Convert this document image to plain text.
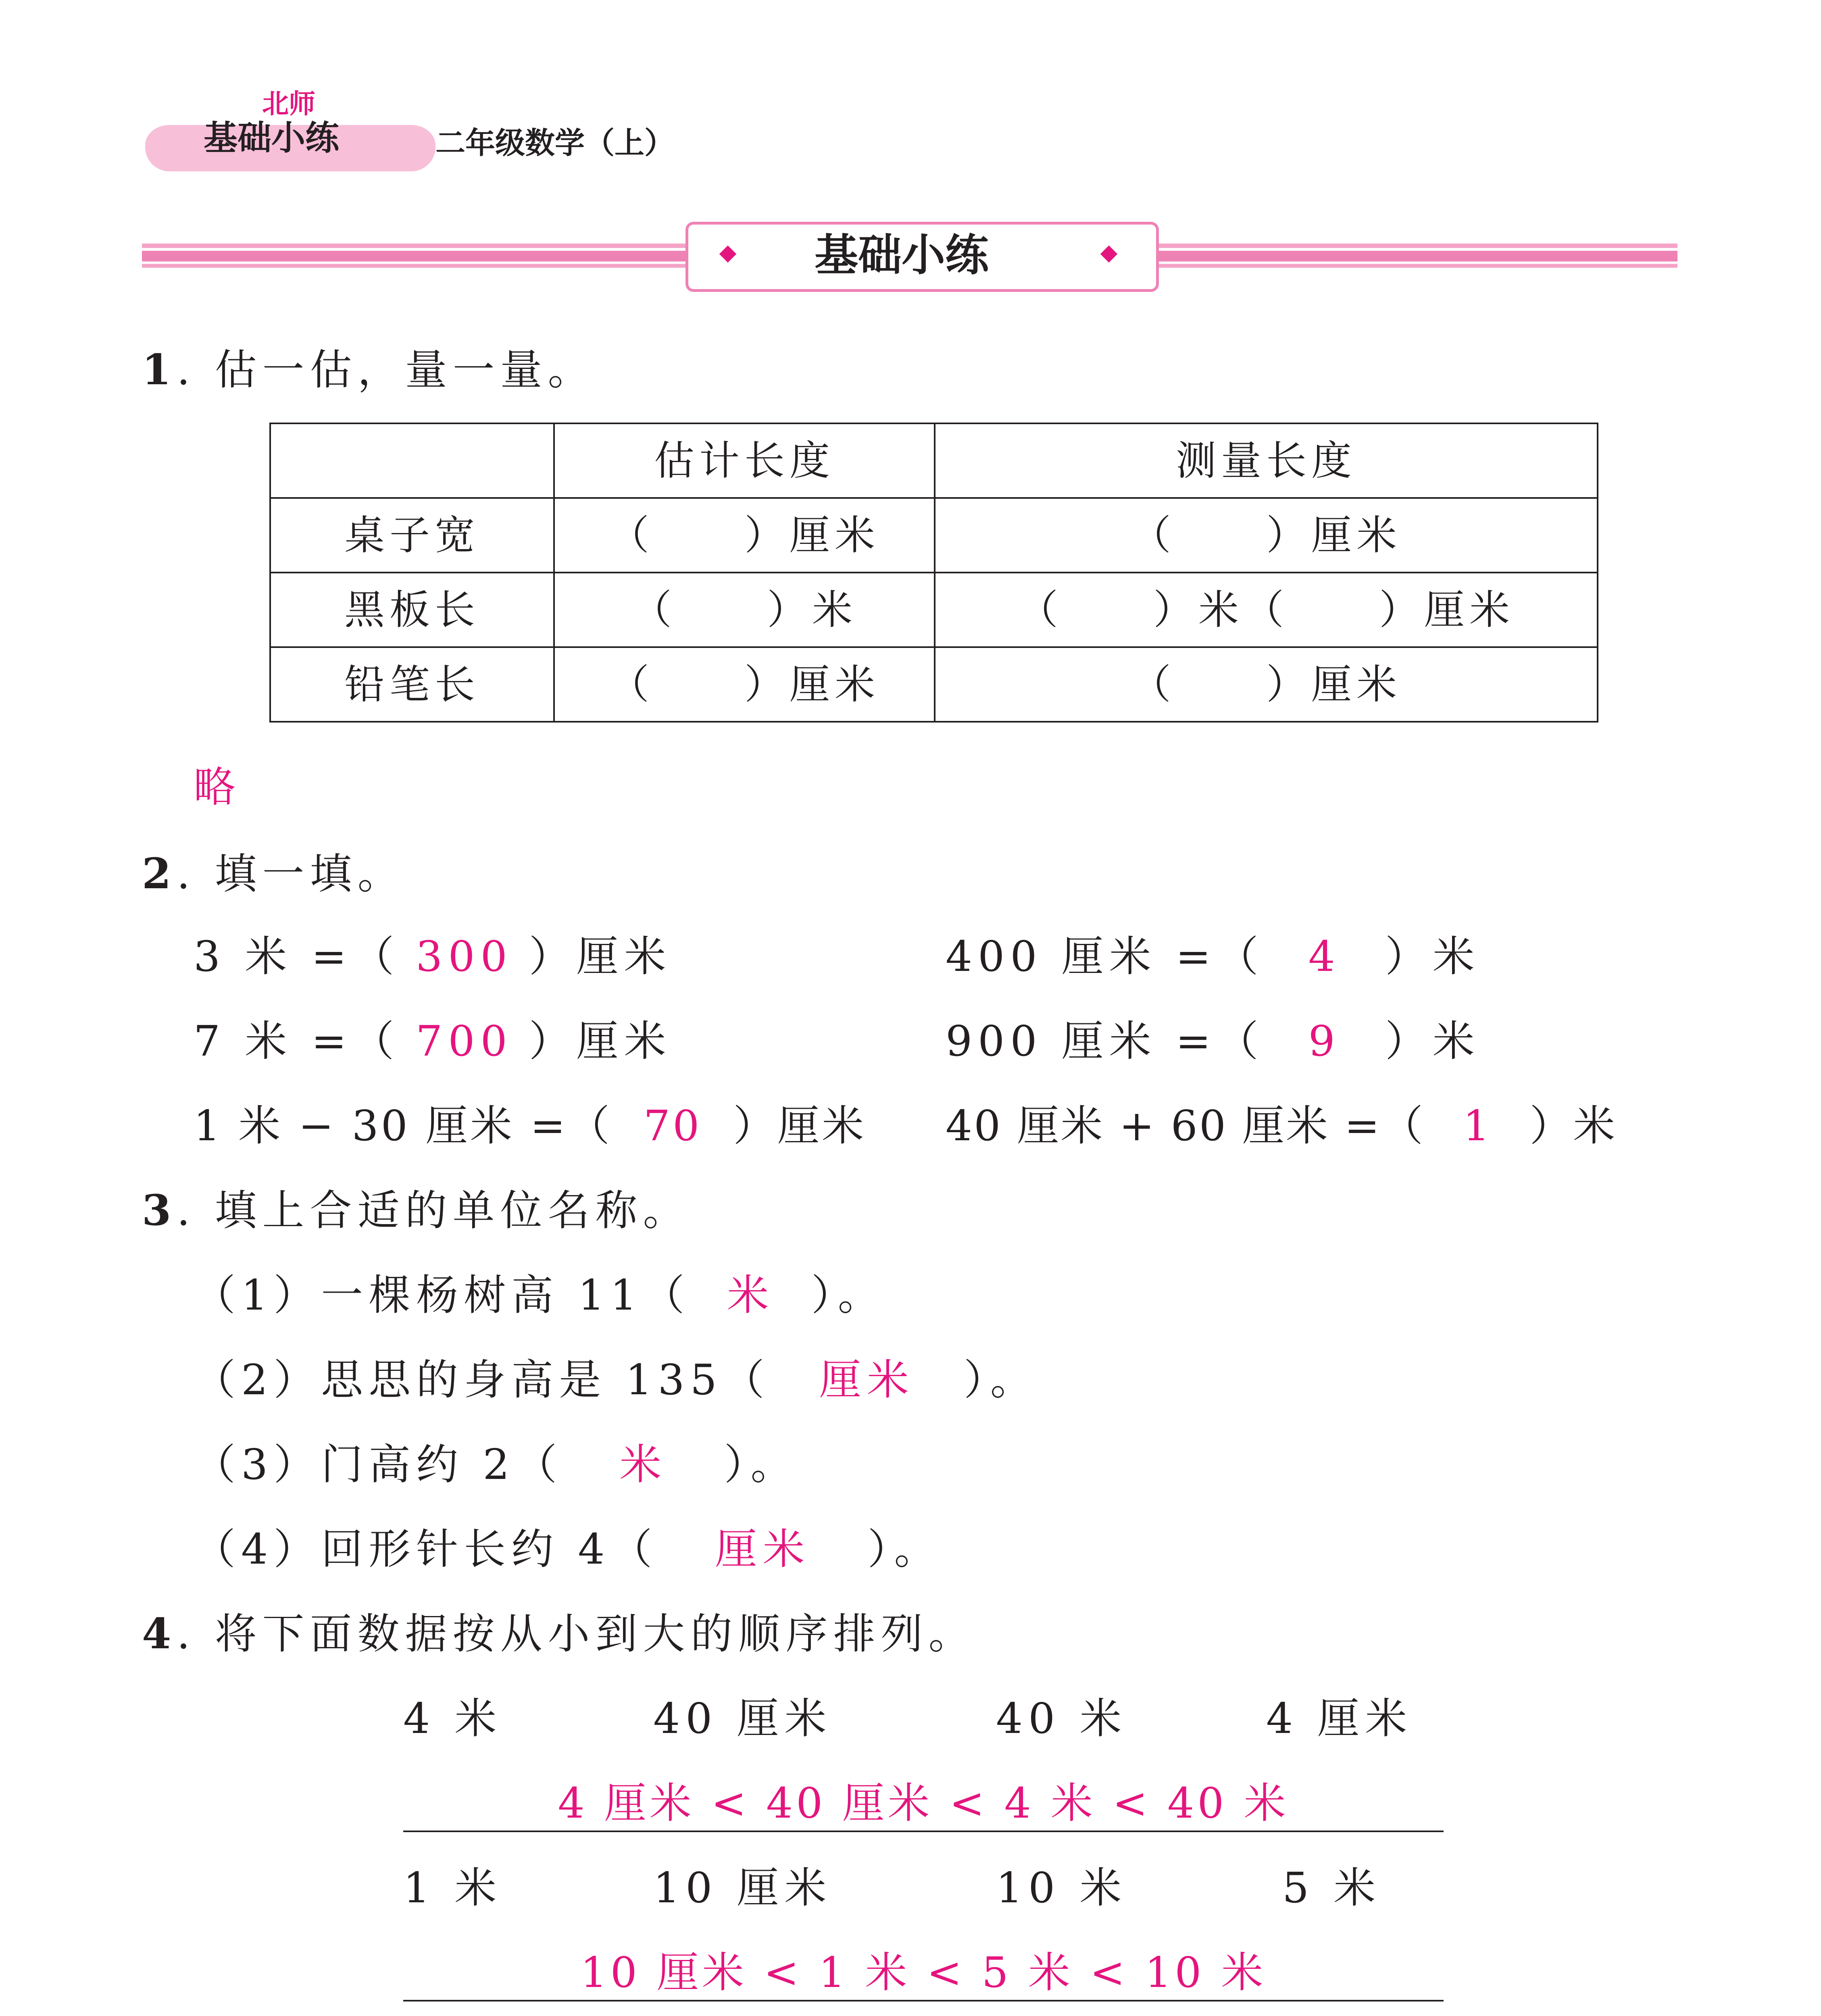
北师
基础小练	二年级数学（上）
基础小练
1. 估一估，量一量。
	估计长度	测量长度
桌子宽	（　　）厘米	（　　）厘米
黑板长	（　　）米	（　　）米（　　）厘米
铅笔长	（　　）厘米	（　　）厘米
略
2. 填一填。
3 米 =（ 300 ）厘米	400 厘米 =（ 4 ）米
7 米 =（ 700 ）厘米	900 厘米 =（ 9 ）米
1 米 − 30 厘米 =（ 70 ）厘米 40 厘米 + 60 厘米 =（ 1 ）米
3. 填上合适的单位名称。
（1）一棵杨树高 11（ 米 ）。
（2）思思的身高是 135（ 厘米 ）。
（3）门高约 2（ 米 ）。
（4）回形针长约 4（ 厘米 ）。
4. 将下面数据按从小到大的顺序排列。
4 米	40 厘米	40 米	4 厘米
4 厘米 < 40 厘米 < 4 米 < 40 米
1 米	10 厘米	10 米	5 米
10 厘米 < 1 米 < 5 米 < 10 米
